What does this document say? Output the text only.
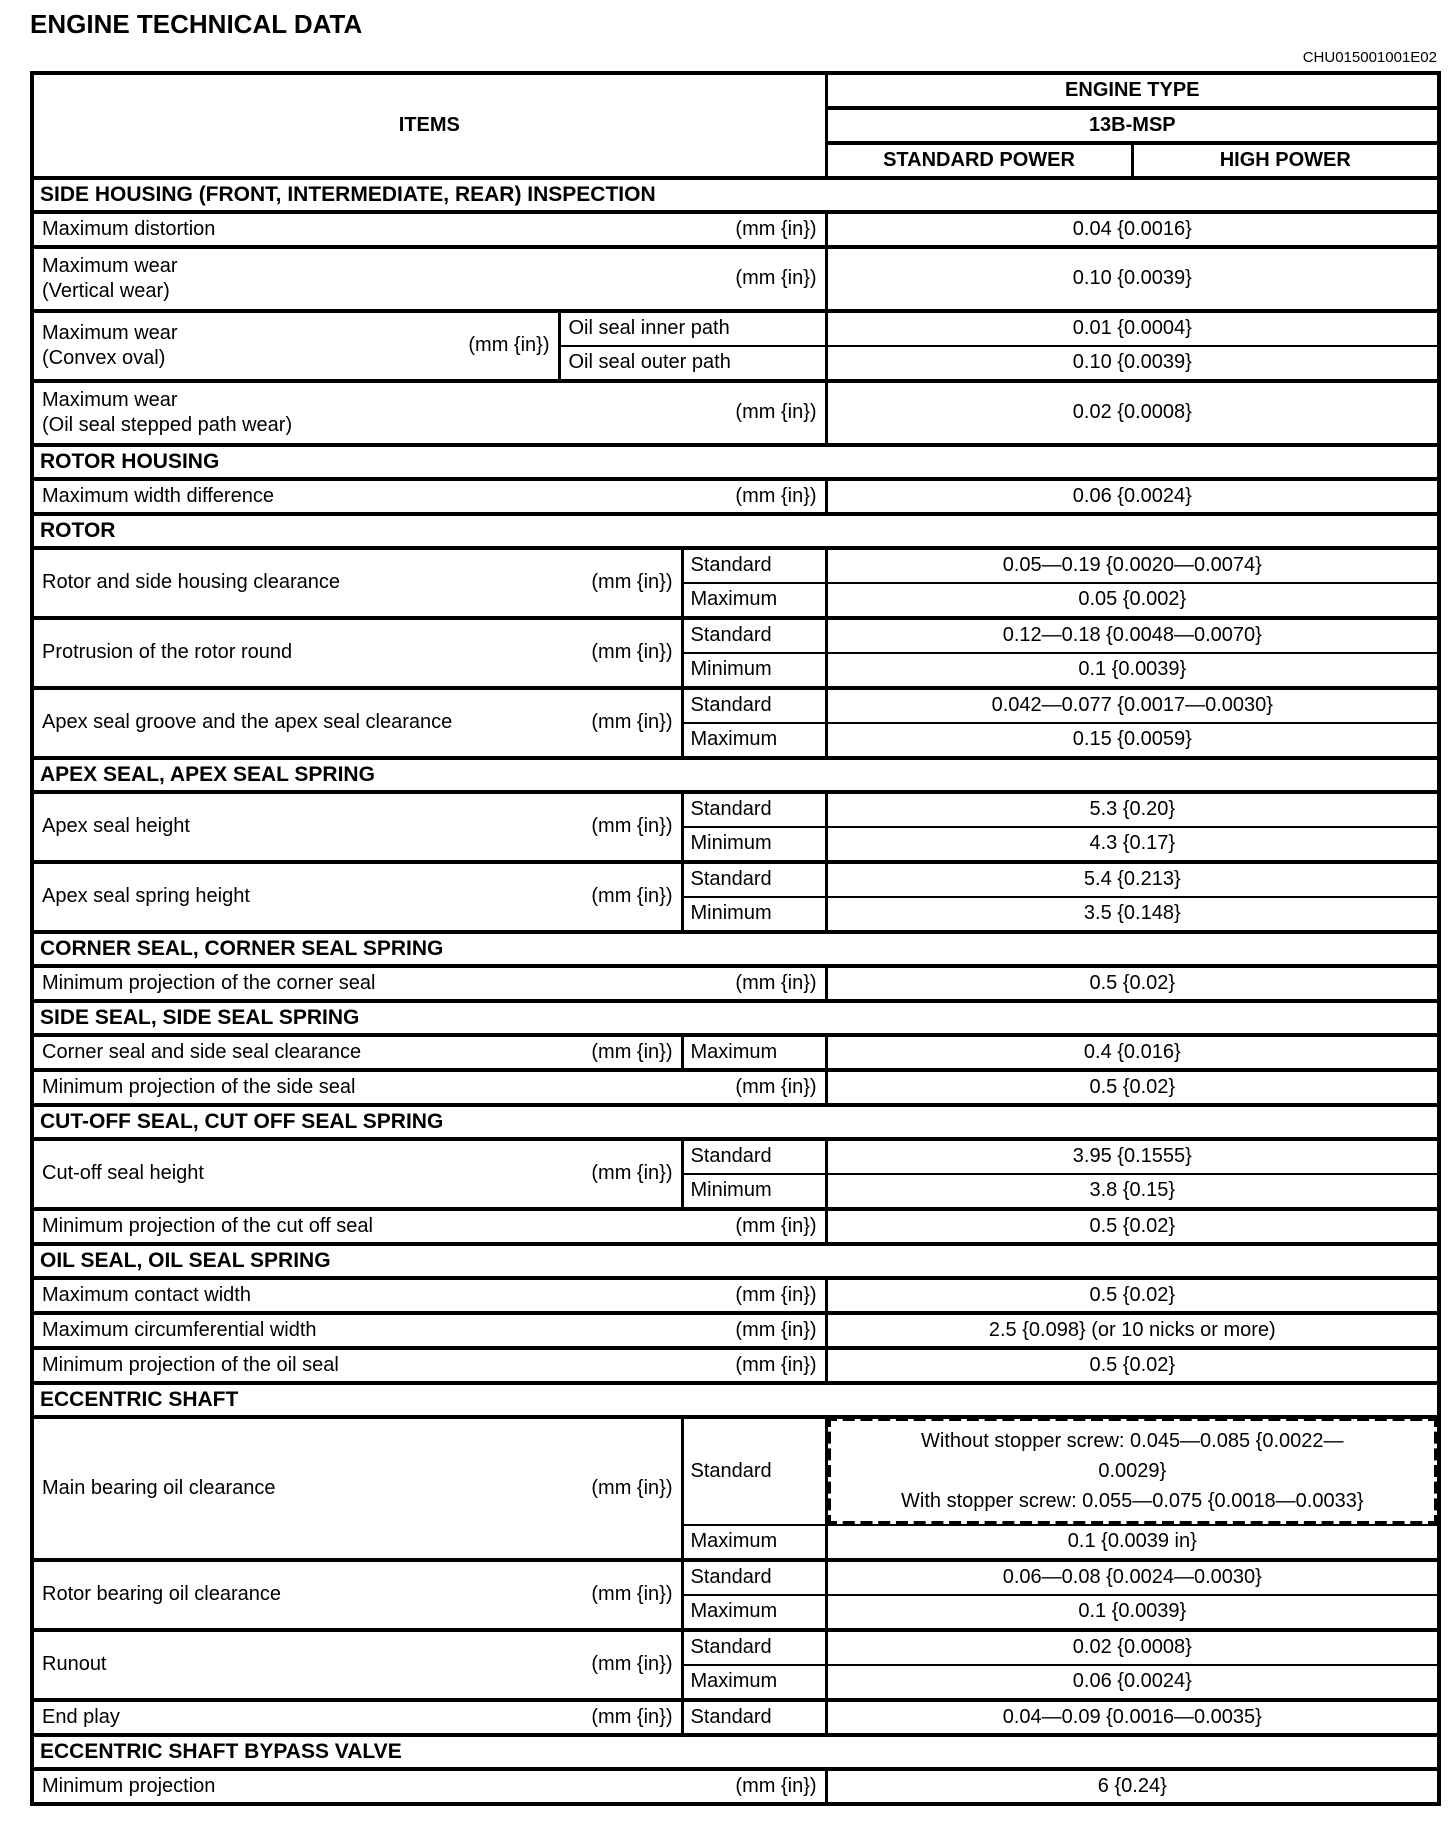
ENGINE TECHNICAL DATA
CHU015001001E02
ITEMS			ENGINE TYPE	
			13B-MSP	
			STANDARD POWER	HIGH POWER
SIDE HOUSING (FRONT, INTERMEDIATE, REAR) INSPECTION				

Maximum distortion (mm {in})			0.04 {0.0016}	

Maximum wear
(Vertical wear)
(mm {in})			0.10 {0.0039}	

Maximum wear
(Convex oval)
(mm {in})	Oil seal inner path		0.01 {0.0004}	
	Oil seal outer path		0.10 {0.0039}	

Maximum wear
(Oil seal stepped path wear)
(mm {in})			0.02 {0.0008}	
ROTOR HOUSING				

Maximum width difference (mm {in})			0.06 {0.0024}	
ROTOR				

Rotor and side housing clearance (mm {in})		Standard	0.05—0.19 {0.0020—0.0074}	
		Maximum	0.05 {0.002}	

Protrusion of the rotor round (mm {in})		Standard	0.12—0.18 {0.0048—0.0070}	
		Minimum	0.1 {0.0039}	

Apex seal groove and the apex seal clearance (mm {in})		Standard	0.042—0.077 {0.0017—0.0030}	
		Maximum	0.15 {0.0059}	
APEX SEAL, APEX SEAL SPRING				

Apex seal height (mm {in})		Standard	5.3 {0.20}	
		Minimum	4.3 {0.17}	

Apex seal spring height (mm {in})		Standard	5.4 {0.213}	
		Minimum	3.5 {0.148}	
CORNER SEAL, CORNER SEAL SPRING				

Minimum projection of the corner seal (mm {in})			0.5 {0.02}	
SIDE SEAL, SIDE SEAL SPRING				

Corner seal and side seal clearance (mm {in})		Maximum	0.4 {0.016}	

Minimum projection of the side seal (mm {in})			0.5 {0.02}	
CUT-OFF SEAL, CUT OFF SEAL SPRING				

Cut-off seal height (mm {in})		Standard	3.95 {0.1555}	
		Minimum	3.8 {0.15}	

Minimum projection of the cut off seal (mm {in})			0.5 {0.02}	
OIL SEAL, OIL SEAL SPRING				

Maximum contact width (mm {in})			0.5 {0.02}	

Maximum circumferential width (mm {in})			2.5 {0.098} (or 10 nicks or more)	

Minimum projection of the oil seal (mm {in})			0.5 {0.02}	
ECCENTRIC SHAFT				

Main bearing oil clearance (mm {in})		Standard	Without stopper screw: 0.045—0.085 {0.0022—
0.0029}
With stopper screw: 0.055—0.075 {0.0018—0.0033}	

		Maximum	0.1 {0.0039 in}	

Rotor bearing oil clearance (mm {in})		Standard	0.06—0.08 {0.0024—0.0030}	
		Maximum	0.1 {0.0039}	

Runout (mm {in})		Standard	0.02 {0.0008}	
		Maximum	0.06 {0.0024}	

End play (mm {in})		Standard	0.04—0.09 {0.0016—0.0035}	
ECCENTRIC SHAFT BYPASS VALVE				

Minimum projection (mm {in})			6 {0.24}	
